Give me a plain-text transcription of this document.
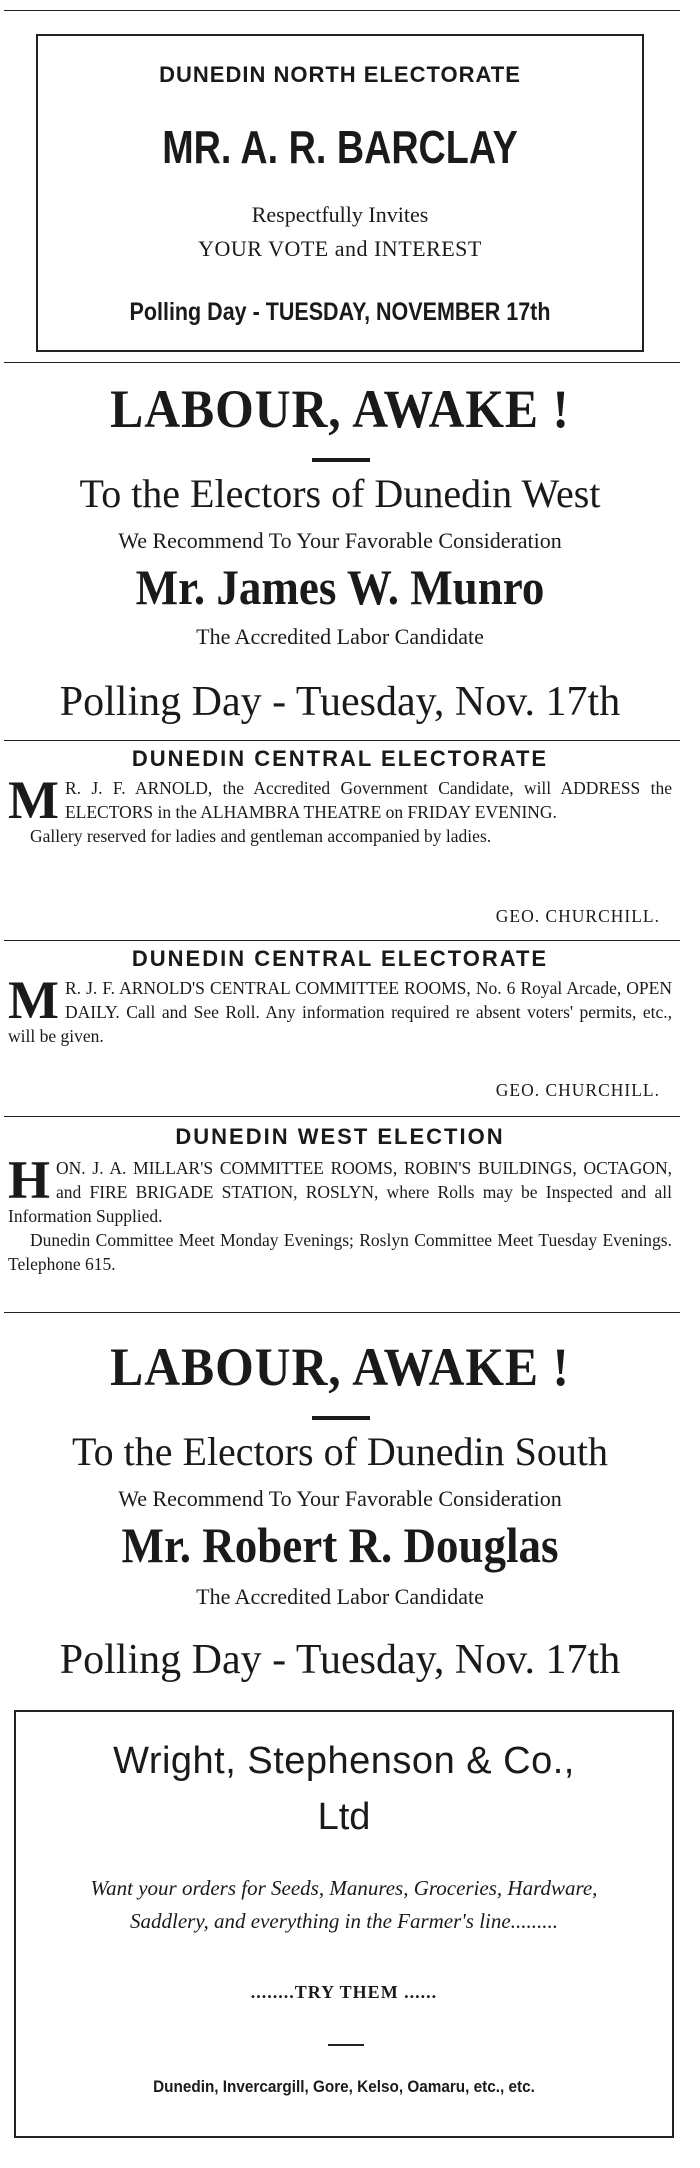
DUNEDIN NORTH ELECTORATE
MR. A. R. BARCLAY
Respectfully Invites
YOUR VOTE and INTEREST
Polling Day - TUESDAY, NOVEMBER 17th
LABOUR, AWAKE !
To the Electors of Dunedin West
We Recommend To Your Favorable Consideration
Mr. James W. Munro
The Accredited Labor Candidate
Polling Day - Tuesday, Nov. 17th
DUNEDIN CENTRAL ELECTORATE

M R. J. F. ARNOLD, the Accredited Government Candidate, will ADDRESS the ELECTORS in the ALHAMBRA THEATRE on FRIDAY EVENING.

Gallery reserved for ladies and gentleman accompanied by ladies.

GEO. CHURCHILL.
DUNEDIN CENTRAL ELECTORATE

M R. J. F. ARNOLD'S CENTRAL COMMITTEE ROOMS, No. 6 Royal Arcade, OPEN DAILY. Call and See Roll. Any information required re absent voters' permits, etc., will be given.

GEO. CHURCHILL.
DUNEDIN WEST ELECTION

HON. J. A. MILLAR'S COMMITTEE ROOMS, ROBIN'S BUILDINGS, OCTAGON, and FIRE BRIGADE STATION, ROSLYN, where Rolls may be Inspected and all Information Supplied.

Dunedin Committee Meet Monday Evenings; Roslyn Committee Meet Tuesday Evenings. Telephone 615.

LABOUR, AWAKE !
To the Electors of Dunedin South
We Recommend To Your Favorable Consideration
Mr. Robert R. Douglas
The Accredited Labor Candidate
Polling Day - Tuesday, Nov. 17th
Wright, Stephenson & Co.,
Ltd
Want your orders for Seeds, Manures, Groceries, Hardware, Saddlery, and everything in the Farmer's line.........
........TRY THEM ......
Dunedin, Invercargill, Gore, Kelso, Oamaru, etc., etc.
